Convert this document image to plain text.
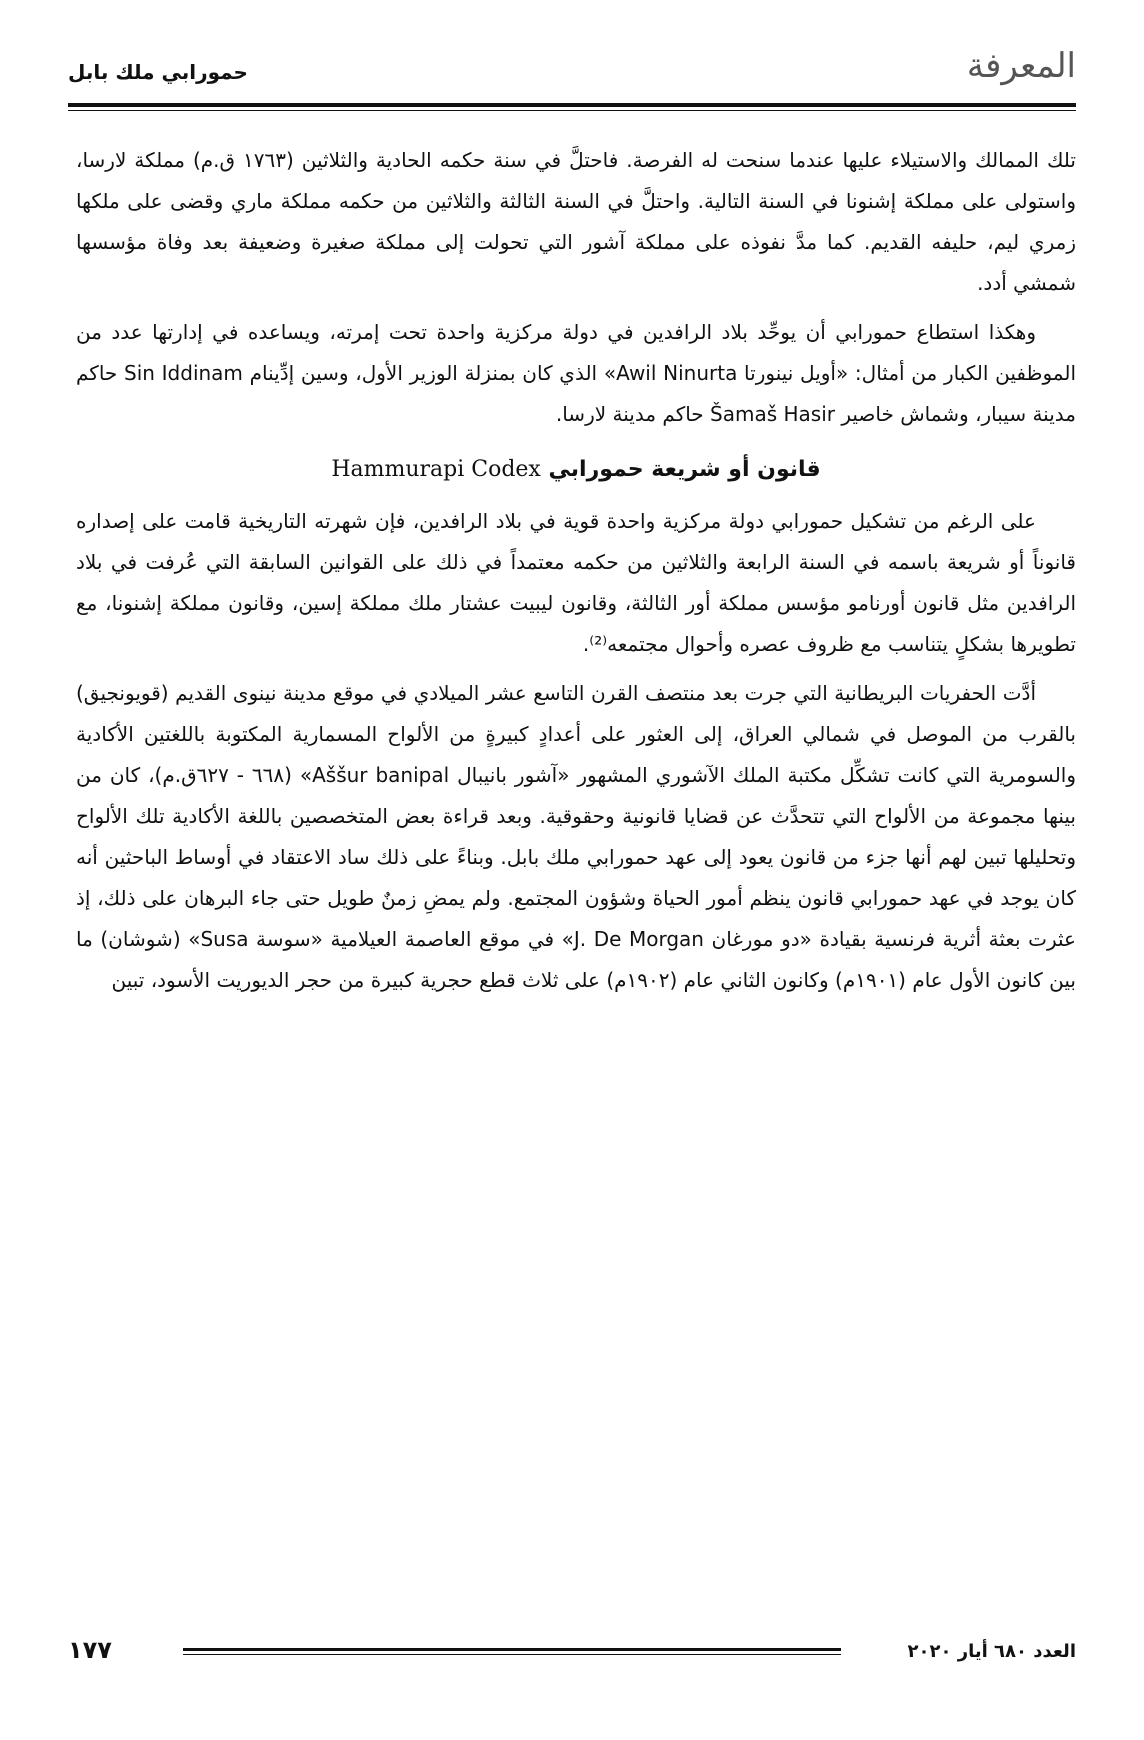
المعرفة
حمورابي ملك بابل

تلك الممالك والاستيلاء عليها عندما سنحت له الفرصة. فاحتلَّ في سنة حكمه الحادية والثلاثين (١٧٦٣ ق.م) مملكة لارسا، واستولى على مملكة إشنونا في السنة التالية. واحتلَّ في السنة الثالثة والثلاثين من حكمه مملكة ماري وقضى على ملكها زمري ليم، حليفه القديم. كما مدَّ نفوذه على مملكة آشور التي تحولت إلى مملكة صغيرة وضعيفة بعد وفاة مؤسسها شمشي أدد.

وهكذا استطاع حمورابي أن يوحِّد بلاد الرافدين في دولة مركزية واحدة تحت إمرته، ويساعده في إدارتها عدد من الموظفين الكبار من أمثال: «أويل نينورتا Awil Ninurta» الذي كان بمنزلة الوزير الأول، وسين إدِّينام Sin Iddinam حاكم مدينة سيبار، وشماش خاصير Šamaš Hasir حاكم مدينة لارسا.

قانون أو شريعة حمورابي Hammurapi Codex

على الرغم من تشكيل حمورابي دولة مركزية واحدة قوية في بلاد الرافدين، فإن شهرته التاريخية قامت على إصداره قانوناً أو شريعة باسمه في السنة الرابعة والثلاثين من حكمه معتمداً في ذلك على القوانين السابقة التي عُرفت في بلاد الرافدين مثل قانون أورنامو مؤسس مملكة أور الثالثة، وقانون ليبيت عشتار ملك مملكة إسين، وقانون مملكة إشنونا، مع تطويرها بشكلٍ يتناسب مع ظروف عصره وأحوال مجتمعه⁽²⁾.

أدَّت الحفريات البريطانية التي جرت بعد منتصف القرن التاسع عشر الميلادي في موقع مدينة نينوى القديم (قويونجيق) بالقرب من الموصل في شمالي العراق، إلى العثور على أعدادٍ كبيرةٍ من الألواح المسمارية المكتوبة باللغتين الأكادية والسومرية التي كانت تشكِّل مكتبة الملك الآشوري المشهور «آشور بانيبال Aššur banipal» (٦٦٨ - ٦٢٧ق.م)، كان من بينها مجموعة من الألواح التي تتحدَّث عن قضايا قانونية وحقوقية. وبعد قراءة بعض المتخصصين باللغة الأكادية تلك الألواح وتحليلها تبين لهم أنها جزء من قانون يعود إلى عهد حمورابي ملك بابل. وبناءً على ذلك ساد الاعتقاد في أوساط الباحثين أنه كان يوجد في عهد حمورابي قانون ينظم أمور الحياة وشؤون المجتمع. ولم يمضِ زمنٌ طويل حتى جاء البرهان على ذلك، إذ عثرت بعثة أثرية فرنسية بقيادة «دو مورغان J. De Morgan» في موقع العاصمة العيلامية «سوسة Susa» (شوشان) ما بين كانون الأول عام (١٩٠١م) وكانون الثاني عام (١٩٠٢م) على ثلاث قطع حجرية كبيرة من حجر الديوريت الأسود، تبين

العدد ٦٨٠ أيار ٢٠٢٠
١٧٧
